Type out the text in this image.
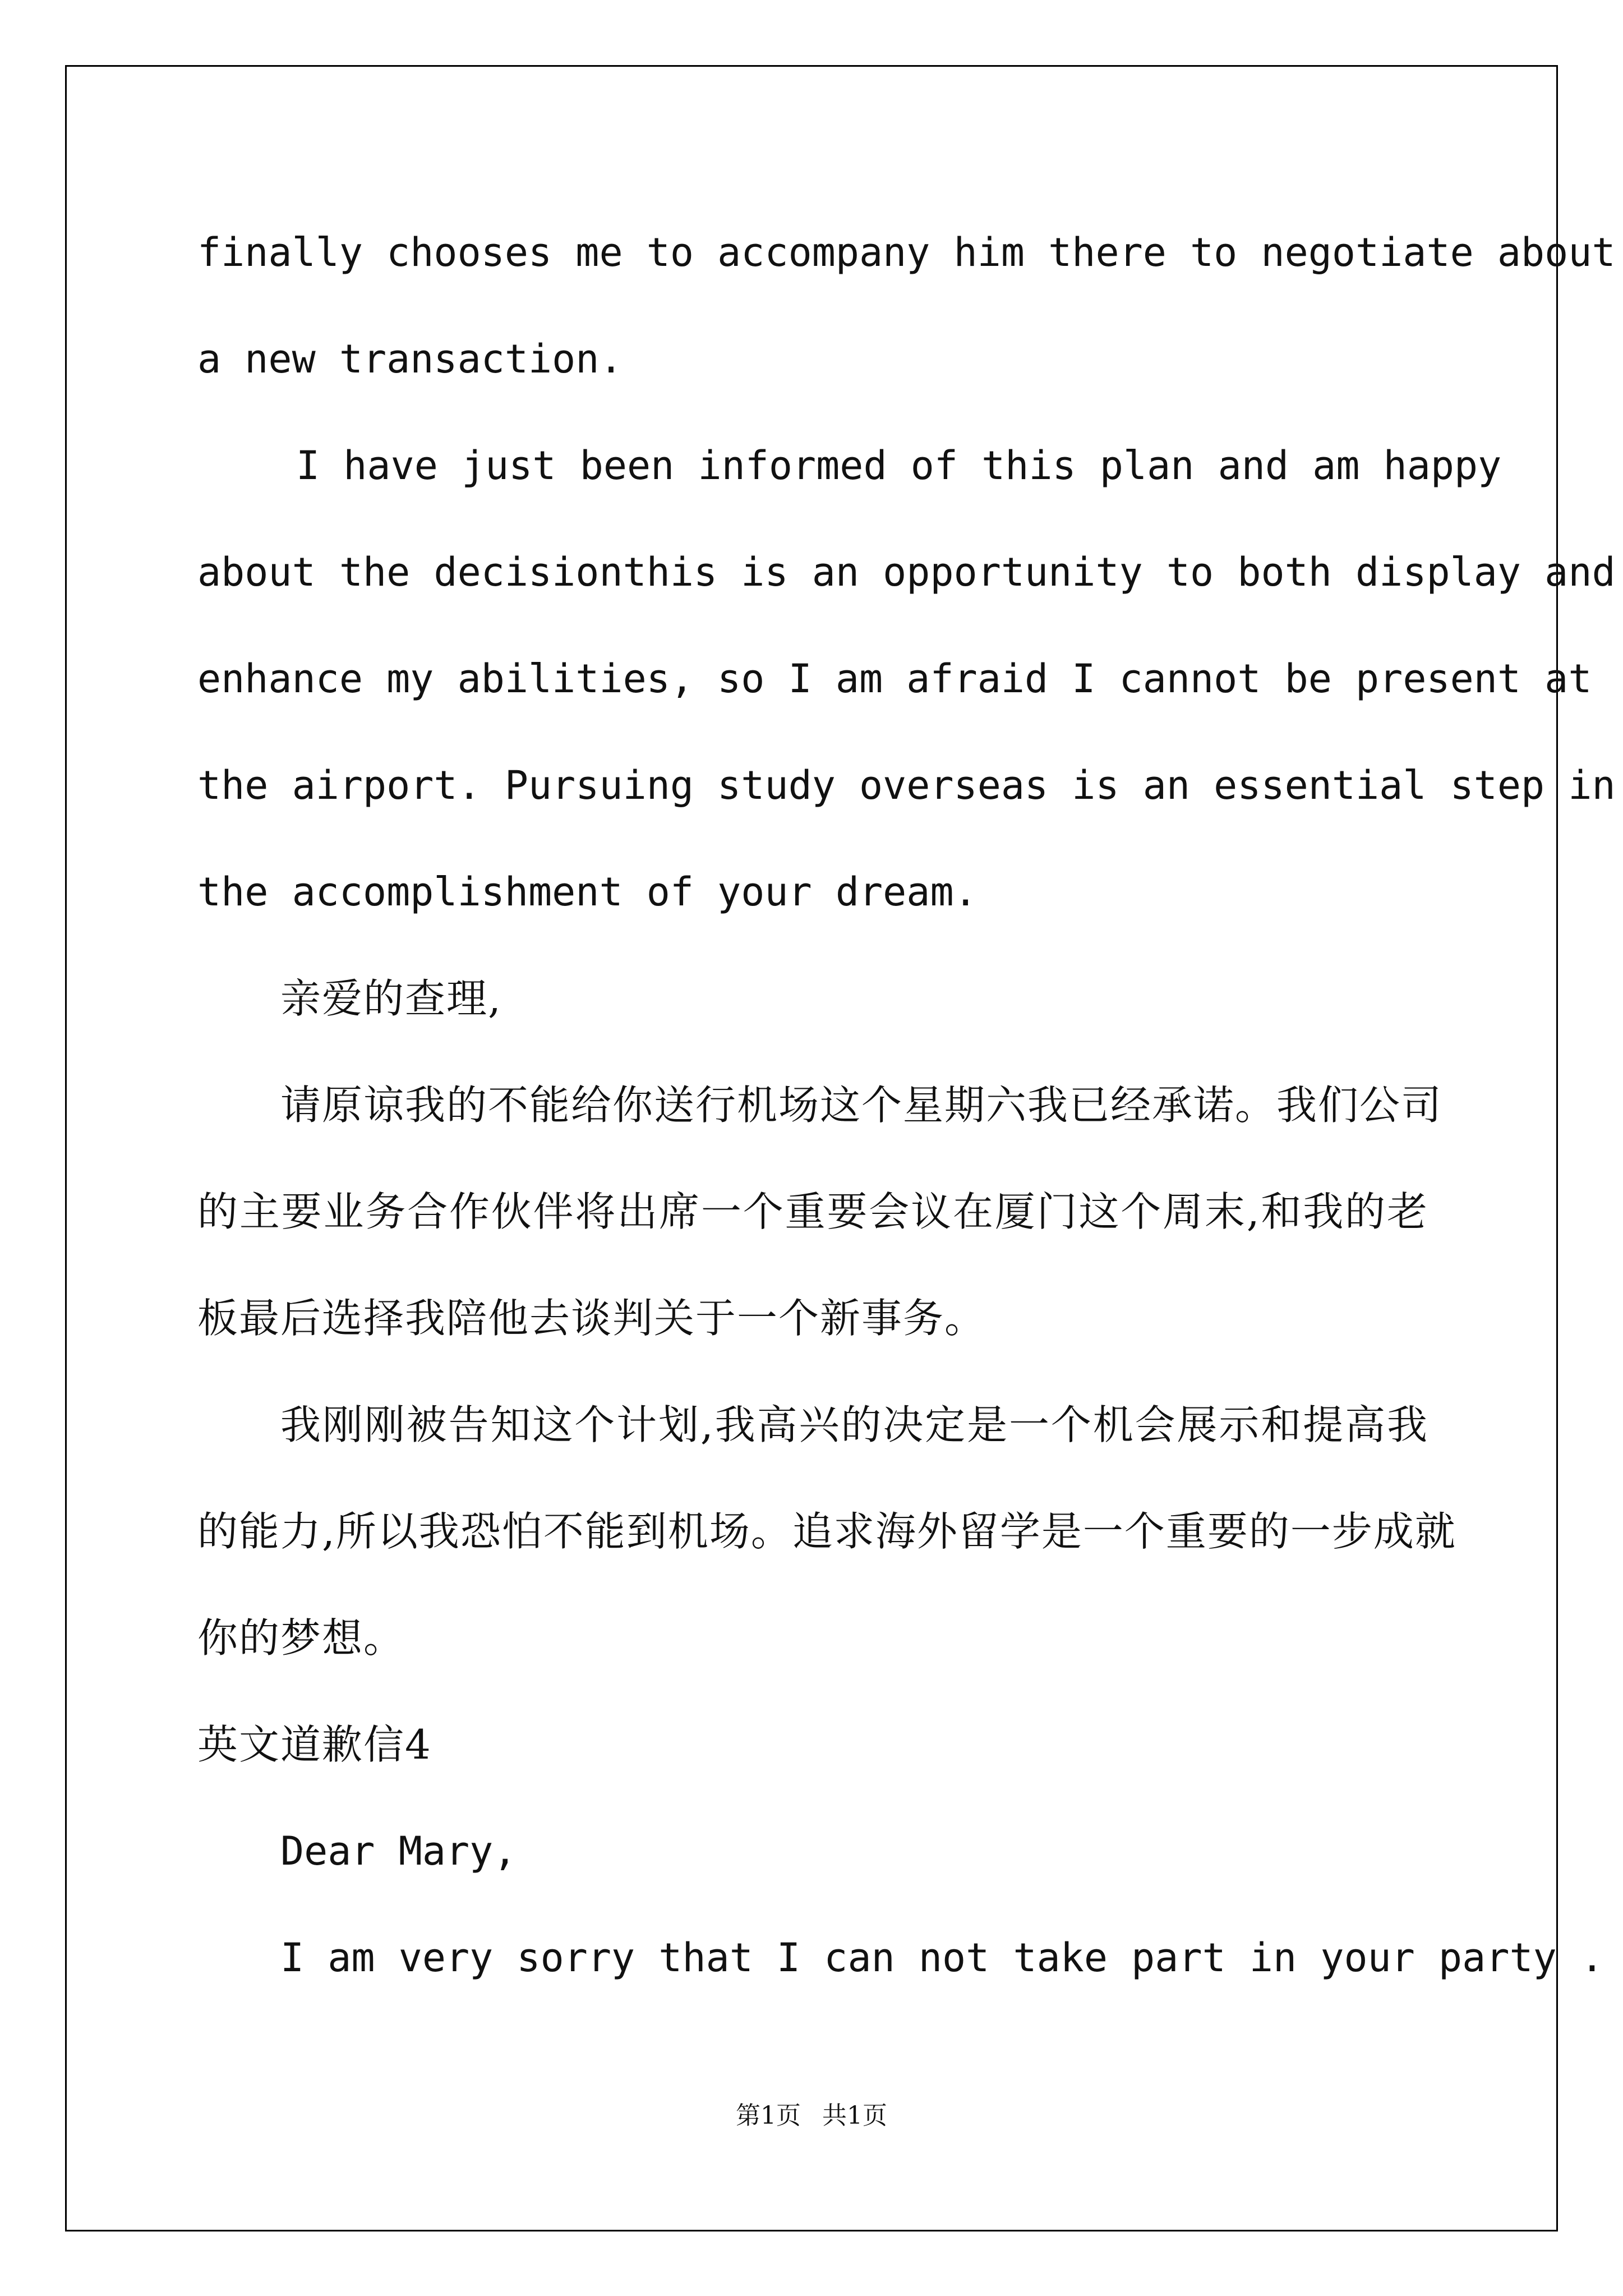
finally chooses me to accompany him there to negotiate about
a new transaction.
I have just been informed of this plan and am happy
about the decisionthis is an opportunity to both display and
enhance my abilities, so I am afraid I cannot be present at
the airport. Pursuing study overseas is an essential step in
the accomplishment of your dream.
亲爱的查理,
请原谅我的不能给你送行机场这个星期六我已经承诺。我们公司
的主要业务合作伙伴将出席一个重要会议在厦门这个周末,和我的老
板最后选择我陪他去谈判关于一个新事务。
我刚刚被告知这个计划,我高兴的决定是一个机会展示和提高我
的能力,所以我恐怕不能到机场。追求海外留学是一个重要的一步成就
你的梦想。
英文道歉信4
Dear Mary,
I am very sorry that I can not take part in your party .
第1页 共1页
